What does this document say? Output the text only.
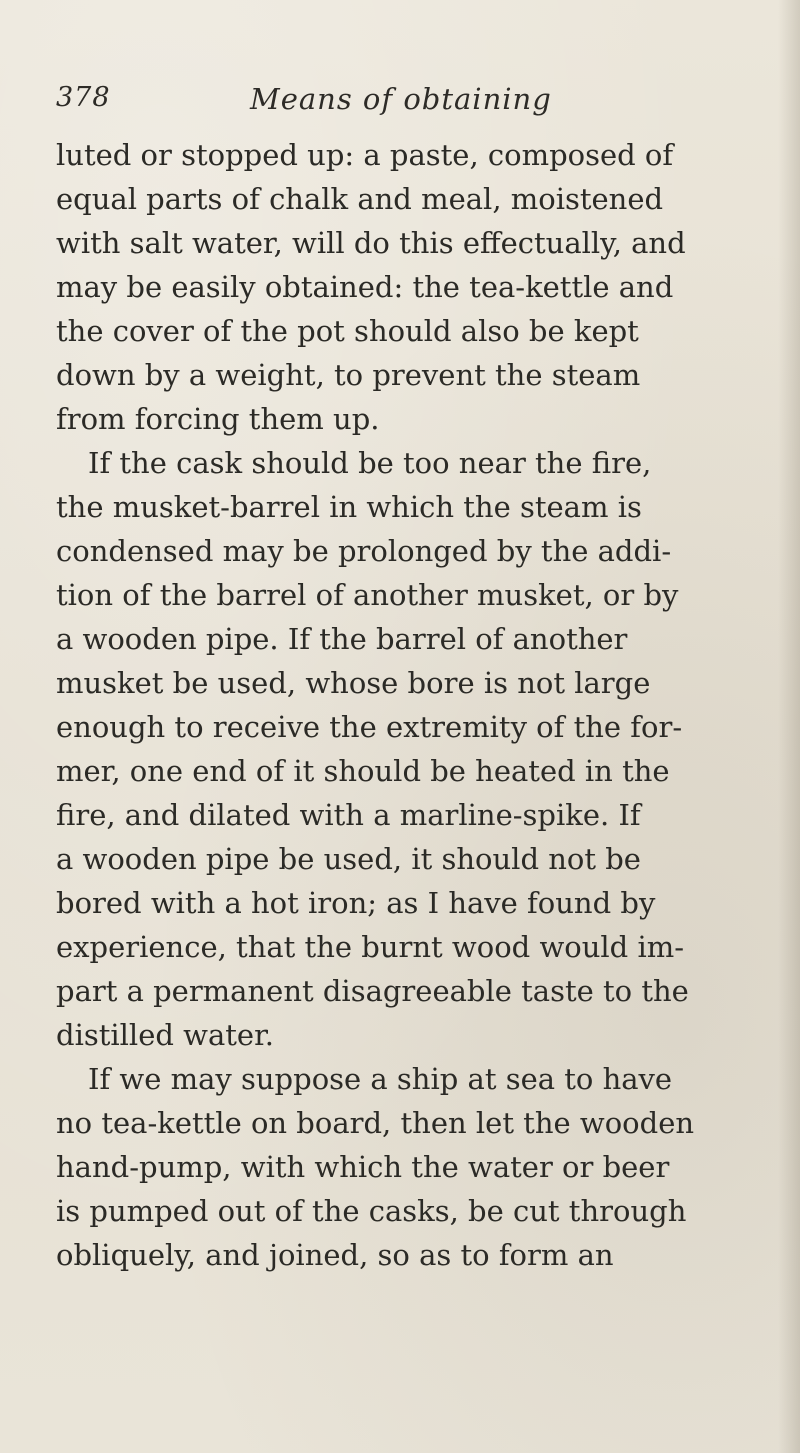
378	Means of obtaining
luted or stopped up: a paste, composed of
equal parts of chalk and meal, moistened
with salt water, will do this effectually, and
may be easily obtained: the tea-kettle and
the cover of the pot should also be kept
down by a weight, to prevent the steam
from forcing them up.
If the cask should be too near the fire,
the musket-barrel in which the steam is
condensed may be prolonged by the addi-
tion of the barrel of another musket, or by
a wooden pipe. If the barrel of another
musket be used, whose bore is not large
enough to receive the extremity of the for-
mer, one end of it should be heated in the
fire, and dilated with a marline-spike. If
a wooden pipe be used, it should not be
bored with a hot iron; as I have found by
experience, that the burnt wood would im-
part a permanent disagreeable taste to the
distilled water.
If we may suppose a ship at sea to have
no tea-kettle on board, then let the wooden
hand-pump, with which the water or beer
is pumped out of the casks, be cut through
obliquely, and joined, so as to form an
